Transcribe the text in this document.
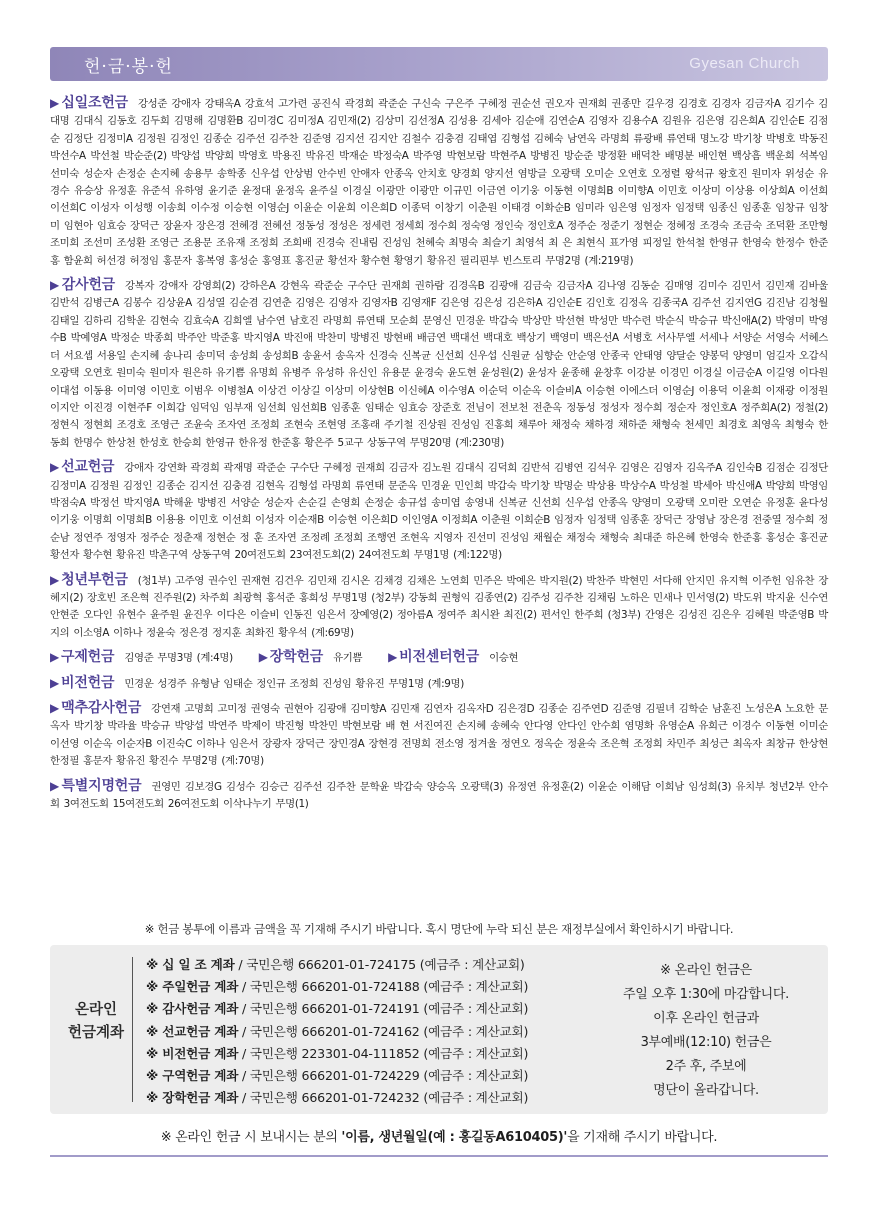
헌·금·봉·헌	Gyesan Church
▶ 십일조헌금 강성준 강애자 강태옥A 강효석 고가련 공진식 곽경희 곽준순 구신숙 구은주 구혜정 권순선 권오자 권재희 권종만 길우경 김경호 김경자 김금자A 김기수 김대명 김대식 김동호 김두희 김명해 김명환B 김미경C 김미정A 김민재(2) 김상미 김선정A 김성용 김세아 김순애 김연순A 김영자 김용수A 김원유 김은영 김은희A 김인순E 김점순 김정단 김정미A 김정원 김정인 김종순 김주선 김주찬 김준영 김지선 김지안 김철수 김충겸 김태엽 김형섭 김혜숙 남연옥 라명희 류광배 류연태 명노강 박기창 박병호 박동진 박선수A 박선철 박순준(2) 박양섭 박양희 박영호 박용진 박유진 박재순 박정숙A 박주영 박현보람 박현주A 방병진 방순준 방정환 배덕찬 배명분 배인현 백상흠 백운희 석복임 선미숙 성순자 손정순 손지혜 송용무 송학종 신우섭 안상범 안수빈 안애자 안종옥 안치호 양경희 양지선 염방글 오광택 오미순 오연호 오정렬 왕석규 왕호진 원미자 위성순 유경수 유승상 유정훈 유준석 유하영 윤기준 윤정대 윤정옥 윤주실 이경실 이광만 이광만 이규민 이금연 이기웅 이동현 이명희B 이미향A 이민호 이상미 이상용 이상희A 이선희 이선희C 이성자 이성행 이송희 이수정 이승현 이영순J 이윤순 이윤희 이은희D 이종덕 이창기 이춘원 이태경 이화순B 임미라 임은영 임정자 임정택 임종신 임종훈 임창규 임창미 임현아 임효승 장덕근 장윤자 장은경 전혜경 전혜선 정동성 정성은 정세련 정세희 정수희 정숙영 정인숙 정인호A 정주순 정준기 정현순 정혜정 조경숙 조금숙 조덕환 조만형 조미희 조선미 조성환 조영근 조용문 조유재 조정희 조희배 진경숙 진내림 진성임 천혜숙 최명숙 최슬기 최영석 최 은 최현식 표가영 피정일 한석철 한영규 한영숙 한정수 한준홍 함윤희 허선경 허정임 홍문자 홍복영 홍성순 홍영표 홍진균 황선자 황수현 황영기 황유진 필리핀부 빈스토리 무명2명 (계:219명)
▶ 감사헌금 강복자 강애자 강영희(2) 강하은A 강현옥 곽준순 구수단 권재희 권하람 김경옥B 김광애 김금숙 김금자A 김나영 김동순 김매영 김미수 김민서 김민재 김바울 김반석 김병근A 김봉수 김상윤A 김성열 김순겸 김연춘 김영은 김영자 김영자B 김영재F 김은영 김은성 김은하A 김인순E 김인호 김정옥 김종국A 김주선 김지연G 김진남 김청월 김태일 김하리 김학운 김현숙 김효숙A 김희엘 남수연 남호진 라명희 류연태 모순희 문영신 민경운 박갑숙 박상만 박선현 박성만 박수련 박순식 박승규 박신애A(2) 박영미 박영수B 박예영A 박정순 박종희 박주안 박준홍 박지영A 박진애 박찬미 방병진 방현배 배금연 백대선 백대호 백상기 백영미 백은선A 서병호 서사무엘 서세나 서양순 서영숙 서혜스더 서요셉 서용일 손지혜 송나리 송미덕 송성희 송성희B 송윤서 송옥자 신경숙 신복균 신선희 신우섭 신원균 심향순 안순영 안종국 안태영 양달순 양봉덕 양영미 엄길자 오갑식 오광택 오연호 원미숙 원미자 원은하 유기쁨 유명희 유병주 유성하 유신인 유용문 윤경숙 윤도현 윤성원(2) 윤성자 윤종해 윤창후 이강분 이경민 이경실 이금순A 이길영 이다원 이대섭 이동용 이미영 이민호 이범우 이병철A 이상건 이상길 이상미 이상현B 이신혜A 이수영A 이순덕 이순옥 이슬비A 이승현 이에스더 이영순J 이용덕 이윤희 이재광 이정원 이지안 이진경 이현주F 이희갑 임덕임 임부재 임선희 임선희B 임종훈 임태순 임효승 장준호 전님이 전보천 전춘옥 정동성 정성자 정수희 정순자 정인호A 정주희A(2) 정철(2) 정현식 정현희 조경호 조영근 조윤숙 조자연 조정희 조현숙 조현영 조홍래 주기철 진상원 진성임 진홍희 채루아 채정숙 채하경 채하준 채형숙 천세민 최경호 최영옥 최형숙 한동희 한명수 한상천 한성호 한승희 한영규 한유정 한준홍 황은주 5교구 상동구역 무명20명 (계:230명)
▶ 선교헌금 강애자 강연화 곽경희 곽재명 곽준순 구수단 구혜정 권재희 김금자 김노원 김대식 김덕희 김반석 김병연 김석우 김영은 김영자 김옥주A 김인숙B 김점순 김정단 김정미A 김정원 김정인 김종순 김지선 김충겸 김현옥 김형섭 라명희 류연태 문준옥 민경윤 민인희 박갑숙 박기창 박명순 박상용 박상수A 박성철 박세아 박신애A 박양희 박영임 박점숙A 박정선 박지영A 박해윤 방병진 서양순 성순자 손순길 손영희 손정순 송규섭 송미엽 송영내 신복균 신선희 신우섭 안종옥 양영미 오광택 오미란 오연순 유정훈 윤다성 이기웅 이명희 이명희B 이용용 이민호 이선희 이성자 이순재B 이승현 이은희D 이인영A 이정희A 이춘원 이희순B 임정자 임정택 임종훈 장덕근 장영남 장은경 전중열 정수희 정순남 정연주 정영자 정주순 정춘재 정현순 정 훈 조자연 조정례 조정희 조행연 조현옥 지영자 진선미 진성임 채월순 채정숙 채형숙 최대준 하은혜 한영숙 한준홍 홍성순 홍진균 황선자 황수현 황유진 박촌구역 상동구역 20여전도회 23여전도회(2) 24여전도회 무명1명 (계:122명)
▶ 청년부헌금 (청1부) 고주영 권수인 권재현 김건우 김민채 김시온 김채경 김채은 노연희 민주은 박예은 박지원(2) 박찬주 박현민 서다해 안지민 유지혁 이주헌 임유찬 장혜지(2) 장호빈 조은혁 진주원(2) 차주희 최광혁 홍석준 홍희성 무명1명 (청2부) 강동희 권형익 김종연(2) 김주성 김주찬 김채림 노하은 민새나 민서영(2) 박도위 박지윤 신수연 안현준 오다인 유현수 윤주원 윤진우 이다은 이슬비 인동진 임은서 장예영(2) 정아름A 정여주 최시완 최진(2) 편서인 한주희 (청3부) 간영은 김성진 김은우 김혜원 박준영B 박지의 이소영A 이하나 정윤숙 정은경 정지훈 최화진 황우석 (계:69명)
▶ 구제헌금 김영준 무명3명 (계:4명) ▶ 장학헌금 유기쁨 ▶ 비전센터헌금 이승현
▶ 비전헌금 민경운 성경주 유형남 임태순 정인규 조정희 진성임 황유진 무명1명 (계:9명)
▶ 맥추감사헌금 강연재 고명희 고미정 권영숙 권현아 김광애 김미향A 김민재 김연자 김옥자D 김은경D 김종순 김주연D 김준영 김필녀 김학순 남훈진 노성은A 노요한 문옥자 박기창 박라율 박승규 박양섭 박연주 박제이 박진형 박찬민 박현보람 배 현 서진여진 손지혜 송혜숙 안다영 안다인 안수희 염명화 유영순A 유희근 이경수 이동현 이미순 이선영 이순옥 이순자B 이진숙C 이하나 임은서 장광자 장덕근 장민경A 장현경 전명희 전소영 정겨울 정연오 정옥순 정윤숙 조은혁 조정희 차민주 최성근 최옥자 최창규 한상현 한정필 홍문자 황유진 황진수 무명2명 (계:70명)
▶ 특별지명헌금 권영민 김보경G 김성수 김승근 김주선 김주찬 문학윤 박갑숙 양승옥 오광택(3) 유정연 유정훈(2) 이윤순 이해담 이희남 임성희(3) 유치부 청년2부 안수회 3여전도회 15여전도회 26여전도회 이삭나누기 무명(1)
※ 헌금 봉투에 이름과 금액을 꼭 기재해 주시기 바랍니다. 혹시 명단에 누락 되신 분은 재정부실에서 확인하시기 바랍니다.
온라인
헌금계좌
※ 십 일 조 계좌 / 국민은행 666201-01-724175 (예금주 : 계산교회)
※ 주일헌금 계좌 / 국민은행 666201-01-724188 (예금주 : 계산교회)
※ 감사헌금 계좌 / 국민은행 666201-01-724191 (예금주 : 계산교회)
※ 선교헌금 계좌 / 국민은행 666201-01-724162 (예금주 : 계산교회)
※ 비전헌금 계좌 / 국민은행 223301-04-111852 (예금주 : 계산교회)
※ 구역헌금 계좌 / 국민은행 666201-01-724229 (예금주 : 계산교회)
※ 장학헌금 계좌 / 국민은행 666201-01-724232 (예금주 : 계산교회)
※ 온라인 헌금은
주일 오후 1:30에 마감합니다.
이후 온라인 헌금과
3부예배(12:10) 헌금은
2주 후, 주보에
명단이 올라갑니다.
※ 온라인 헌금 시 보내시는 분의 '이름, 생년월일(예 : 홍길동A610405)'을 기재해 주시기 바랍니다.
